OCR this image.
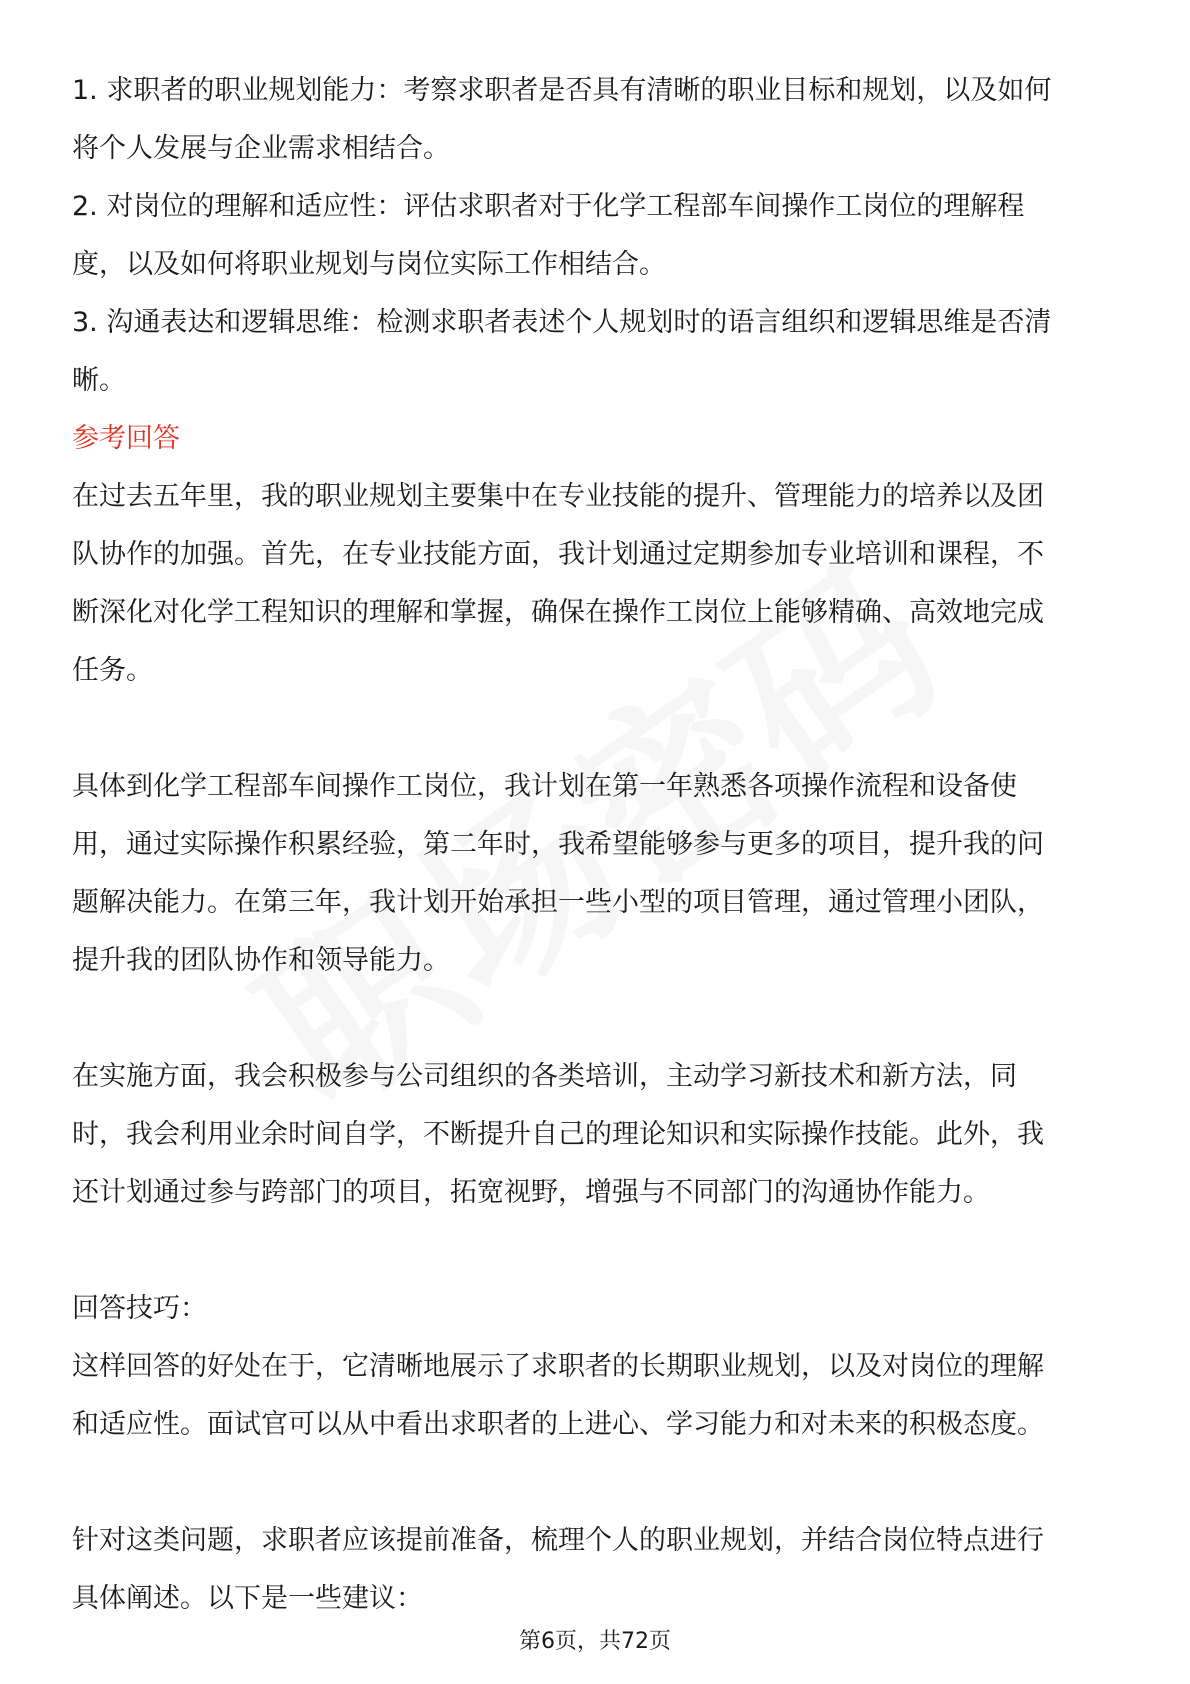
1. 求职者的职业规划能力：考察求职者是否具有清晰的职业目标和规划，以及如何

将个人发展与企业需求相结合。

2. 对岗位的理解和适应性：评估求职者对于化学工程部车间操作工岗位的理解程

度，以及如何将职业规划与岗位实际工作相结合。

3. 沟通表达和逻辑思维：检测求职者表述个人规划时的语言组织和逻辑思维是否清

晰。

参考回答

在过去五年里，我的职业规划主要集中在专业技能的提升、管理能力的培养以及团

队协作的加强。首先，在专业技能方面，我计划通过定期参加专业培训和课程，不

断深化对化学工程知识的理解和掌握，确保在操作工岗位上能够精确、高效地完成

任务。

具体到化学工程部车间操作工岗位，我计划在第一年熟悉各项操作流程和设备使

用，通过实际操作积累经验，第二年时，我希望能够参与更多的项目，提升我的问

题解决能力。在第三年，我计划开始承担一些小型的项目管理，通过管理小团队，

提升我的团队协作和领导能力。

在实施方面，我会积极参与公司组织的各类培训，主动学习新技术和新方法，同

时，我会利用业余时间自学，不断提升自己的理论知识和实际操作技能。此外，我

还计划通过参与跨部门的项目，拓宽视野，增强与不同部门的沟通协作能力。

回答技巧：

这样回答的好处在于，它清晰地展示了求职者的长期职业规划，以及对岗位的理解

和适应性。面试官可以从中看出求职者的上进心、学习能力和对未来的积极态度。

针对这类问题，求职者应该提前准备，梳理个人的职业规划，并结合岗位特点进行

具体阐述。以下是一些建议：

第6页，共72页
